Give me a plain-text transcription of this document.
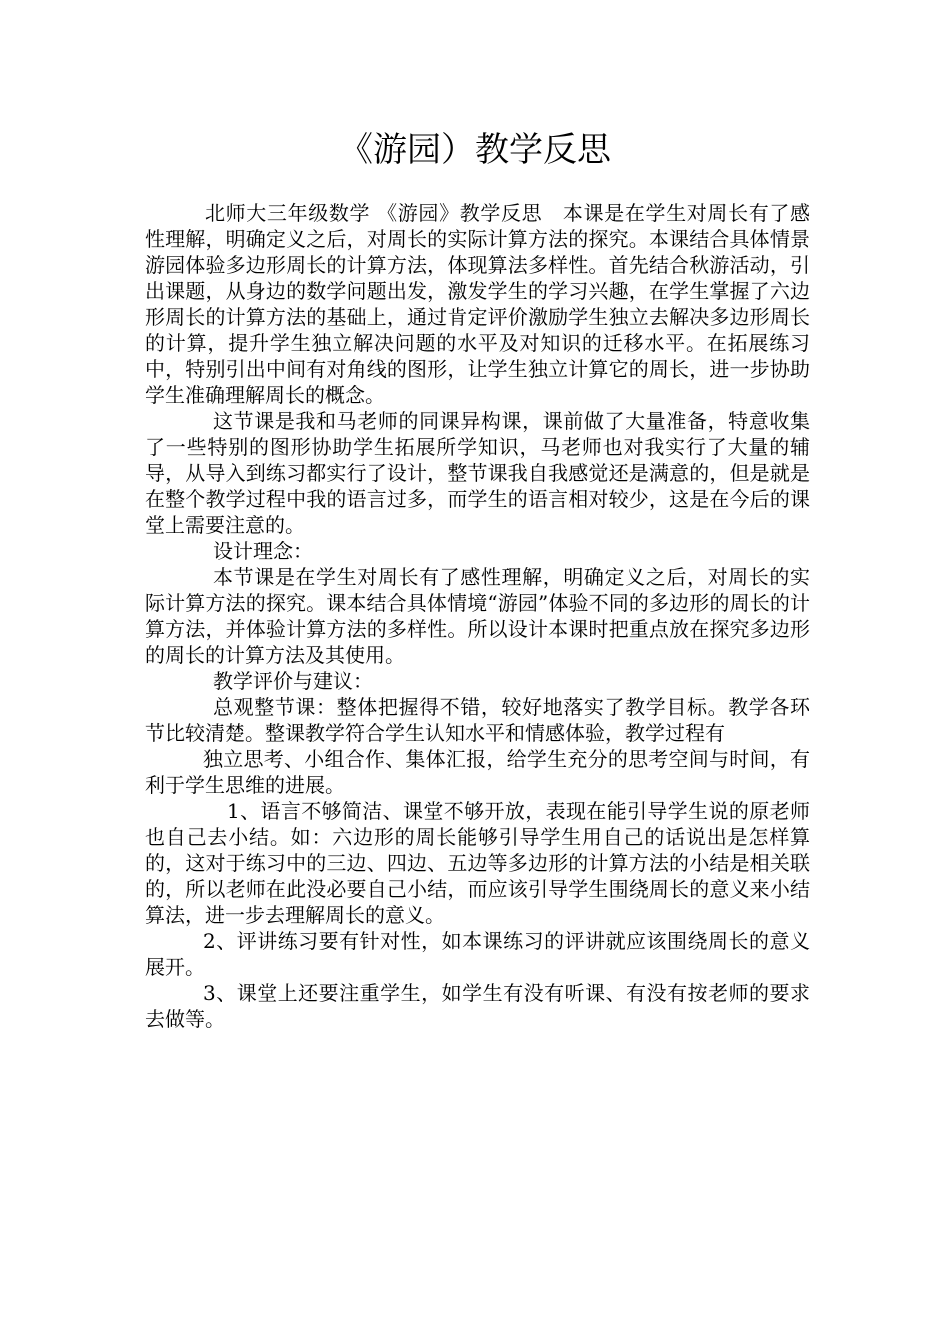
《游园）教学反思

北师大三年级数学 《游园》教学反思　本课是在学生对周长有了感性理解，明确定义之后，对周长的实际计算方法的探究。本课结合具体情景游园体验多边形周长的计算方法，体现算法多样性。首先结合秋游活动，引出课题，从身边的数学问题出发，激发学生的学习兴趣，在学生掌握了六边形周长的计算方法的基础上，通过肯定评价激励学生独立去解决多边形周长的计算，提升学生独立解决问题的水平及对知识的迁移水平。在拓展练习中，特别引出中间有对角线的图形，让学生独立计算它的周长，进一步协助学生准确理解周长的概念。

这节课是我和马老师的同课异构课，课前做了大量准备，特意收集了一些特别的图形协助学生拓展所学知识，马老师也对我实行了大量的辅导，从导入到练习都实行了设计，整节课我自我感觉还是满意的，但是就是在整个教学过程中我的语言过多，而学生的语言相对较少，这是在今后的课堂上需要注意的。

设计理念：

本节课是在学生对周长有了感性理解，明确定义之后，对周长的实际计算方法的探究。课本结合具体情境“游园”体验不同的多边形的周长的计算方法，并体验计算方法的多样性。所以设计本课时把重点放在探究多边形的周长的计算方法及其使用。

教学评价与建议：

总观整节课：整体把握得不错，较好地落实了教学目标。教学各环节比较清楚。整课教学符合学生认知水平和情感体验，教学过程有

独立思考、小组合作、集体汇报，给学生充分的思考空间与时间，有利于学生思维的进展。

1、语言不够简洁、课堂不够开放，表现在能引导学生说的原老师也自己去小结。如：六边形的周长能够引导学生用自己的话说出是怎样算的，这对于练习中的三边、四边、五边等多边形的计算方法的小结是相关联的，所以老师在此没必要自己小结，而应该引导学生围绕周长的意义来小结算法，进一步去理解周长的意义。

2、评讲练习要有针对性，如本课练习的评讲就应该围绕周长的意义展开。

3、课堂上还要注重学生，如学生有没有听课、有没有按老师的要求去做等。
